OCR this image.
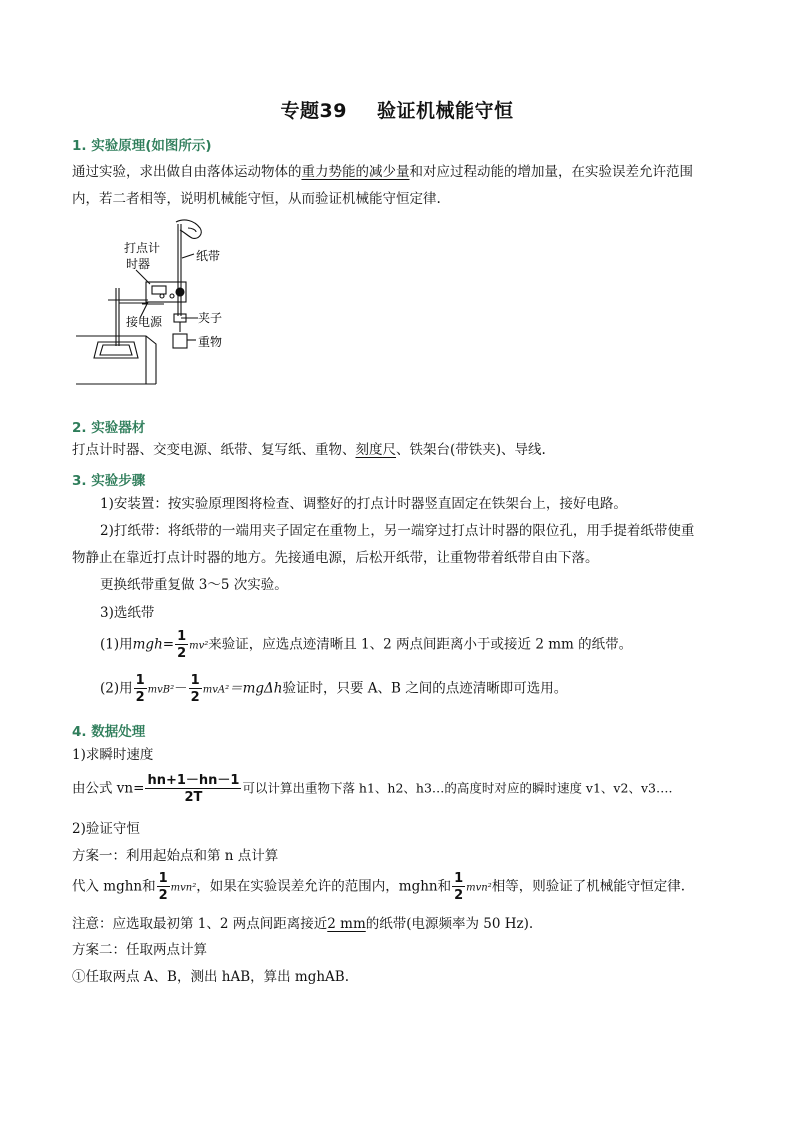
专题39 验证机械能守恒
1. 实验原理(如图所示)
通过实验，求出做自由落体运动物体的重力势能的减少量和对应过程动能的增加量，在实验误差允许范围
内，若二者相等，说明机械能守恒，从而验证机械能守恒定律.
打点计
时器
纸带
接电源	夹子
重物
2. 实验器材
打点计时器、交变电源、纸带、复写纸、重物、刻度尺、铁架台(带铁夹)、导线.
3. 实验步骤
1)安装置：按实验原理图将检查、调整好的打点计时器竖直固定在铁架台上，接好电路。
2)打纸带：将纸带的一端用夹子固定在重物上，另一端穿过打点计时器的限位孔，用手提着纸带使重
物静止在靠近打点计时器的地方。先接通电源，后松开纸带，让重物带着纸带自由下落。
更换纸带重复做 3～5 次实验。
3)选纸带
(1)用$mgh= \frac{1}{2} mv^2$来验证，应选点迹清晰且 1、2 两点间距离小于或接近 2 mm 的纸带。
(2)用 $\frac{1}{2} mvB^2- \frac{1}{2} mvA^2=mg\Delta h$验证时，只要 A、B 之间的点迹清晰即可选用。
4. 数据处理
1)求瞬时速度
由公式 $vn= \frac{hn+1-hn-1}{2T}$ 可以计算出重物下落 h1、h2、h3…的高度时对应的瞬时速度 v1、v2、v3….
2)验证守恒
方案一：利用起始点和第 n 点计算
代入 mghn和 $\frac{1}{2} mvn^2$，如果在实验误差允许的范围内，mghn和 $\frac{1}{2} mvn^2$相等，则验证了机械能守恒定律.
注意：应选取最初第 1、2 两点间距离接近2 mm的纸带(电源频率为 50 Hz).
方案二：任取两点计算
①任取两点 A、B，测出 hAB，算出 mghAB.
